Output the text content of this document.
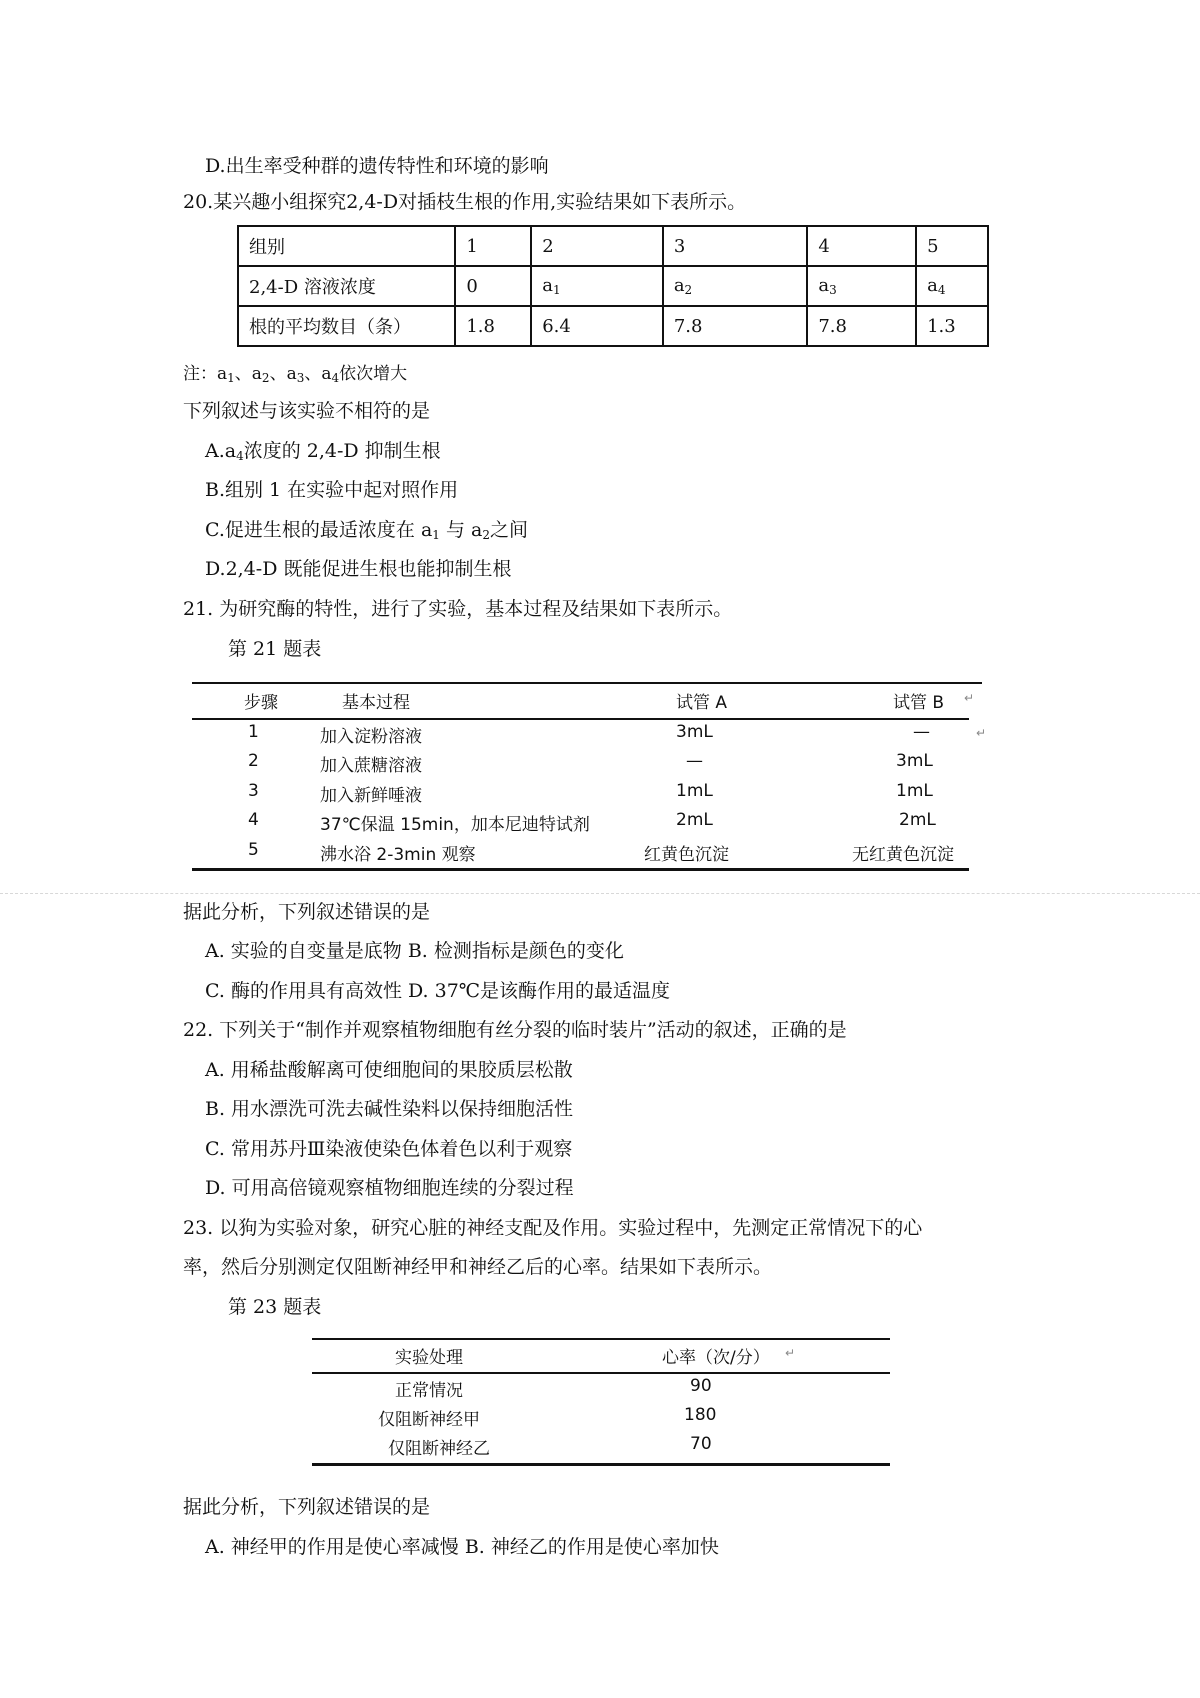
D.出生率受种群的遗传特性和环境的影响
20.某兴趣小组探究2,4-D对插枝生根的作用,实验结果如下表所示。
组别	1	2	3	4	5
2,4-D 溶液浓度	0	$a_1$	$a_2$	$a_3$	$a_4$
根的平均数目（条）	1.8	6.4	7.8	7.8	1.3
注：$a_1$、$a_2$、$a_3$、$a_4$依次增大
下列叙述与该实验不相符的是
$A.a_4$浓度的 2,4-D 抑制生根
B.组别 1 在实验中起对照作用
C.促进生根的最适浓度在 $a_1$ 与 $a_2$之间
D.2,4-D 既能促进生根也能抑制生根
21. 为研究酶的特性，进行了实验，基本过程及结果如下表所示。
第 21 题表
步骤	基本过程	试管 A	试管 B ↵
1	加入淀粉溶液	3mL	—	↵
2	加入蔗糖溶液	—	3mL
3	加入新鲜唾液	1mL	1mL
4	37℃保温 15min，加本尼迪特试剂	2mL	2mL
5	沸水浴 2-3min 观察	红黄色沉淀	无红黄色沉淀
据此分析，下列叙述错误的是
A. 实验的自变量是底物 B. 检测指标是颜色的变化
C. 酶的作用具有高效性 D. 37℃是该酶作用的最适温度
22. 下列关于“制作并观察植物细胞有丝分裂的临时装片”活动的叙述，正确的是
A. 用稀盐酸解离可使细胞间的果胶质层松散
B. 用水漂洗可洗去碱性染料以保持细胞活性
C. 常用苏丹Ⅲ染液使染色体着色以利于观察
D. 可用高倍镜观察植物细胞连续的分裂过程
23. 以狗为实验对象，研究心脏的神经支配及作用。实验过程中，先测定正常情况下的心
率，然后分别测定仅阻断神经甲和神经乙后的心率。结果如下表所示。
第 23 题表
实验处理	心率（次/分） ↵
正常情况	90
仅阻断神经甲	180
仅阻断神经乙	70
据此分析，下列叙述错误的是
A. 神经甲的作用是使心率减慢 B. 神经乙的作用是使心率加快
